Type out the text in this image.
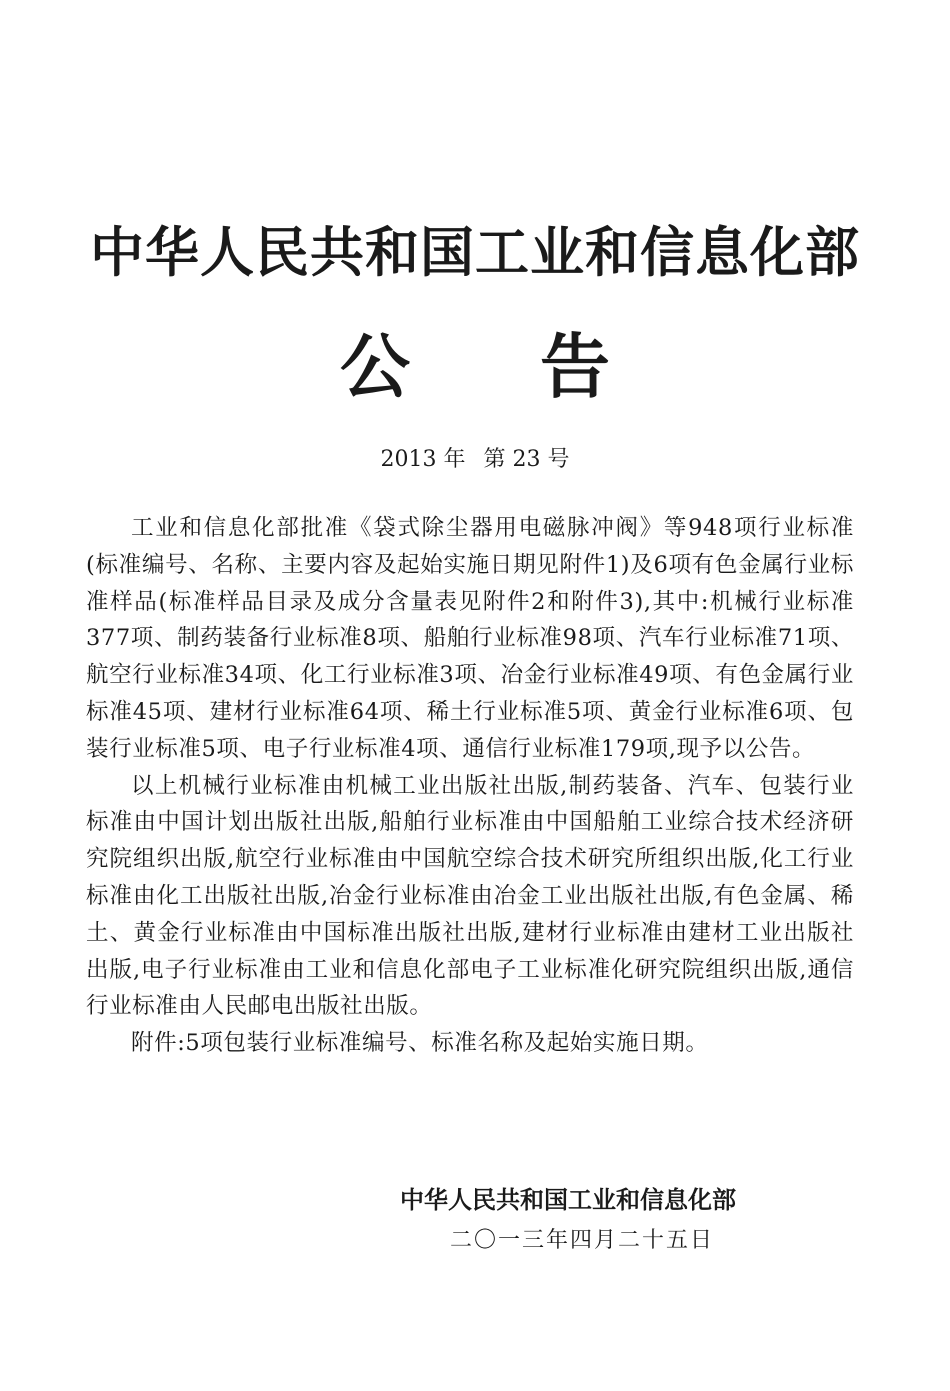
中华人民共和国工业和信息化部
公 告
2013 年 第 23 号

工业和信息化部批准《袋式除尘器用电磁脉冲阀》等948项行业标准(标准编号、名称、主要内容及起始实施日期见附件1)及6项有色金属行业标准样品(标准样品目录及成分含量表见附件2和附件3),其中:机械行业标准377项、制药装备行业标准8项、船舶行业标准98项、汽车行业标准71项、航空行业标准34项、化工行业标准3项、冶金行业标准49项、有色金属行业标准45项、建材行业标准64项、稀土行业标准5项、黄金行业标准6项、包装行业标准5项、电子行业标准4项、通信行业标准179项,现予以公告。

以上机械行业标准由机械工业出版社出版,制药装备、汽车、包装行业标准由中国计划出版社出版,船舶行业标准由中国船舶工业综合技术经济研究院组织出版,航空行业标准由中国航空综合技术研究所组织出版,化工行业标准由化工出版社出版,冶金行业标准由冶金工业出版社出版,有色金属、稀土、黄金行业标准由中国标准出版社出版,建材行业标准由建材工业出版社出版,电子行业标准由工业和信息化部电子工业标准化研究院组织出版,通信行业标准由人民邮电出版社出版。

附件:5项包装行业标准编号、标准名称及起始实施日期。

中华人民共和国工业和信息化部
二〇一三年四月二十五日
